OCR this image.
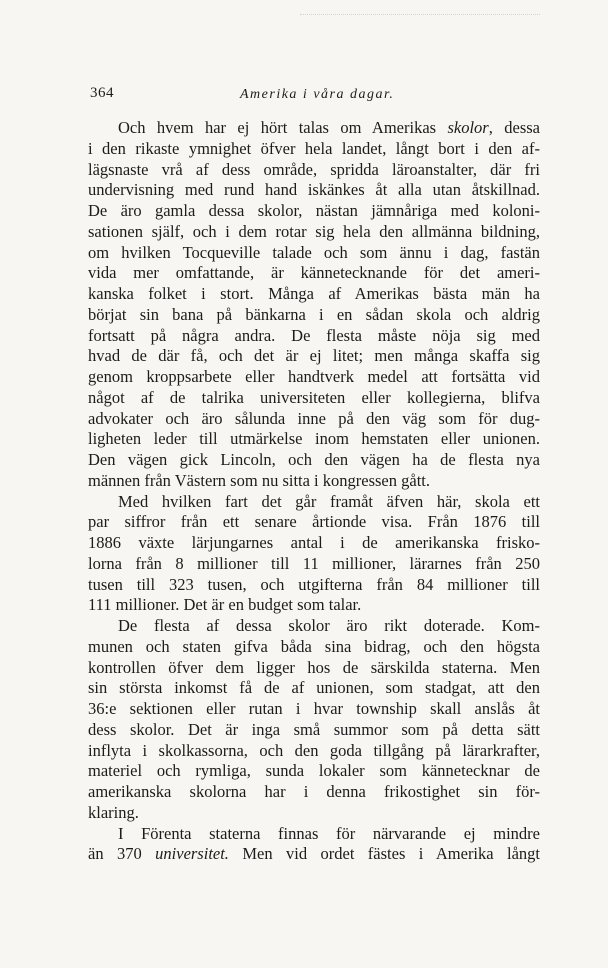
364	Amerika i våra dagar.
Och hvem har ej hört talas om Amerikas skolor, dessa
i den rikaste ymnighet öfver hela landet, långt bort i den af-
lägsnaste vrå af dess område, spridda läroanstalter, där fri
undervisning med rund hand iskänkes åt alla utan åtskillnad.
De äro gamla dessa skolor, nästan jämnåriga med koloni-
sationen själf, och i dem rotar sig hela den allmänna bildning,
om hvilken Tocqueville talade och som ännu i dag, fastän
vida mer omfattande, är kännetecknande för det ameri-
kanska folket i stort. Många af Amerikas bästa män ha
börjat sin bana på bänkarna i en sådan skola och aldrig
fortsatt på några andra. De flesta måste nöja sig med
hvad de där få, och det är ej litet; men många skaffa sig
genom kroppsarbete eller handtverk medel att fortsätta vid
något af de talrika universiteten eller kollegierna, blifva
advokater och äro sålunda inne på den väg som för dug-
ligheten leder till utmärkelse inom hemstaten eller unionen.
Den vägen gick Lincoln, och den vägen ha de flesta nya
männen från Västern som nu sitta i kongressen gått.
Med hvilken fart det går framåt äfven här, skola ett
par siffror från ett senare årtionde visa. Från 1876 till
1886 växte lärjungarnes antal i de amerikanska frisko-
lorna från 8 millioner till 11 millioner, lärarnes från 250
tusen till 323 tusen, och utgifterna från 84 millioner till
111 millioner. Det är en budget som talar.
De flesta af dessa skolor äro rikt doterade. Kom-
munen och staten gifva båda sina bidrag, och den högsta
kontrollen öfver dem ligger hos de särskilda staterna. Men
sin största inkomst få de af unionen, som stadgat, att den
36:e sektionen eller rutan i hvar township skall anslås åt
dess skolor. Det är inga små summor som på detta sätt
inflyta i skolkassorna, och den goda tillgång på lärarkrafter,
materiel och rymliga, sunda lokaler som kännetecknar de
amerikanska skolorna har i denna frikostighet sin för-
klaring.
I Förenta staterna finnas för närvarande ej mindre
än 370 universitet. Men vid ordet fästes i Amerika långt
